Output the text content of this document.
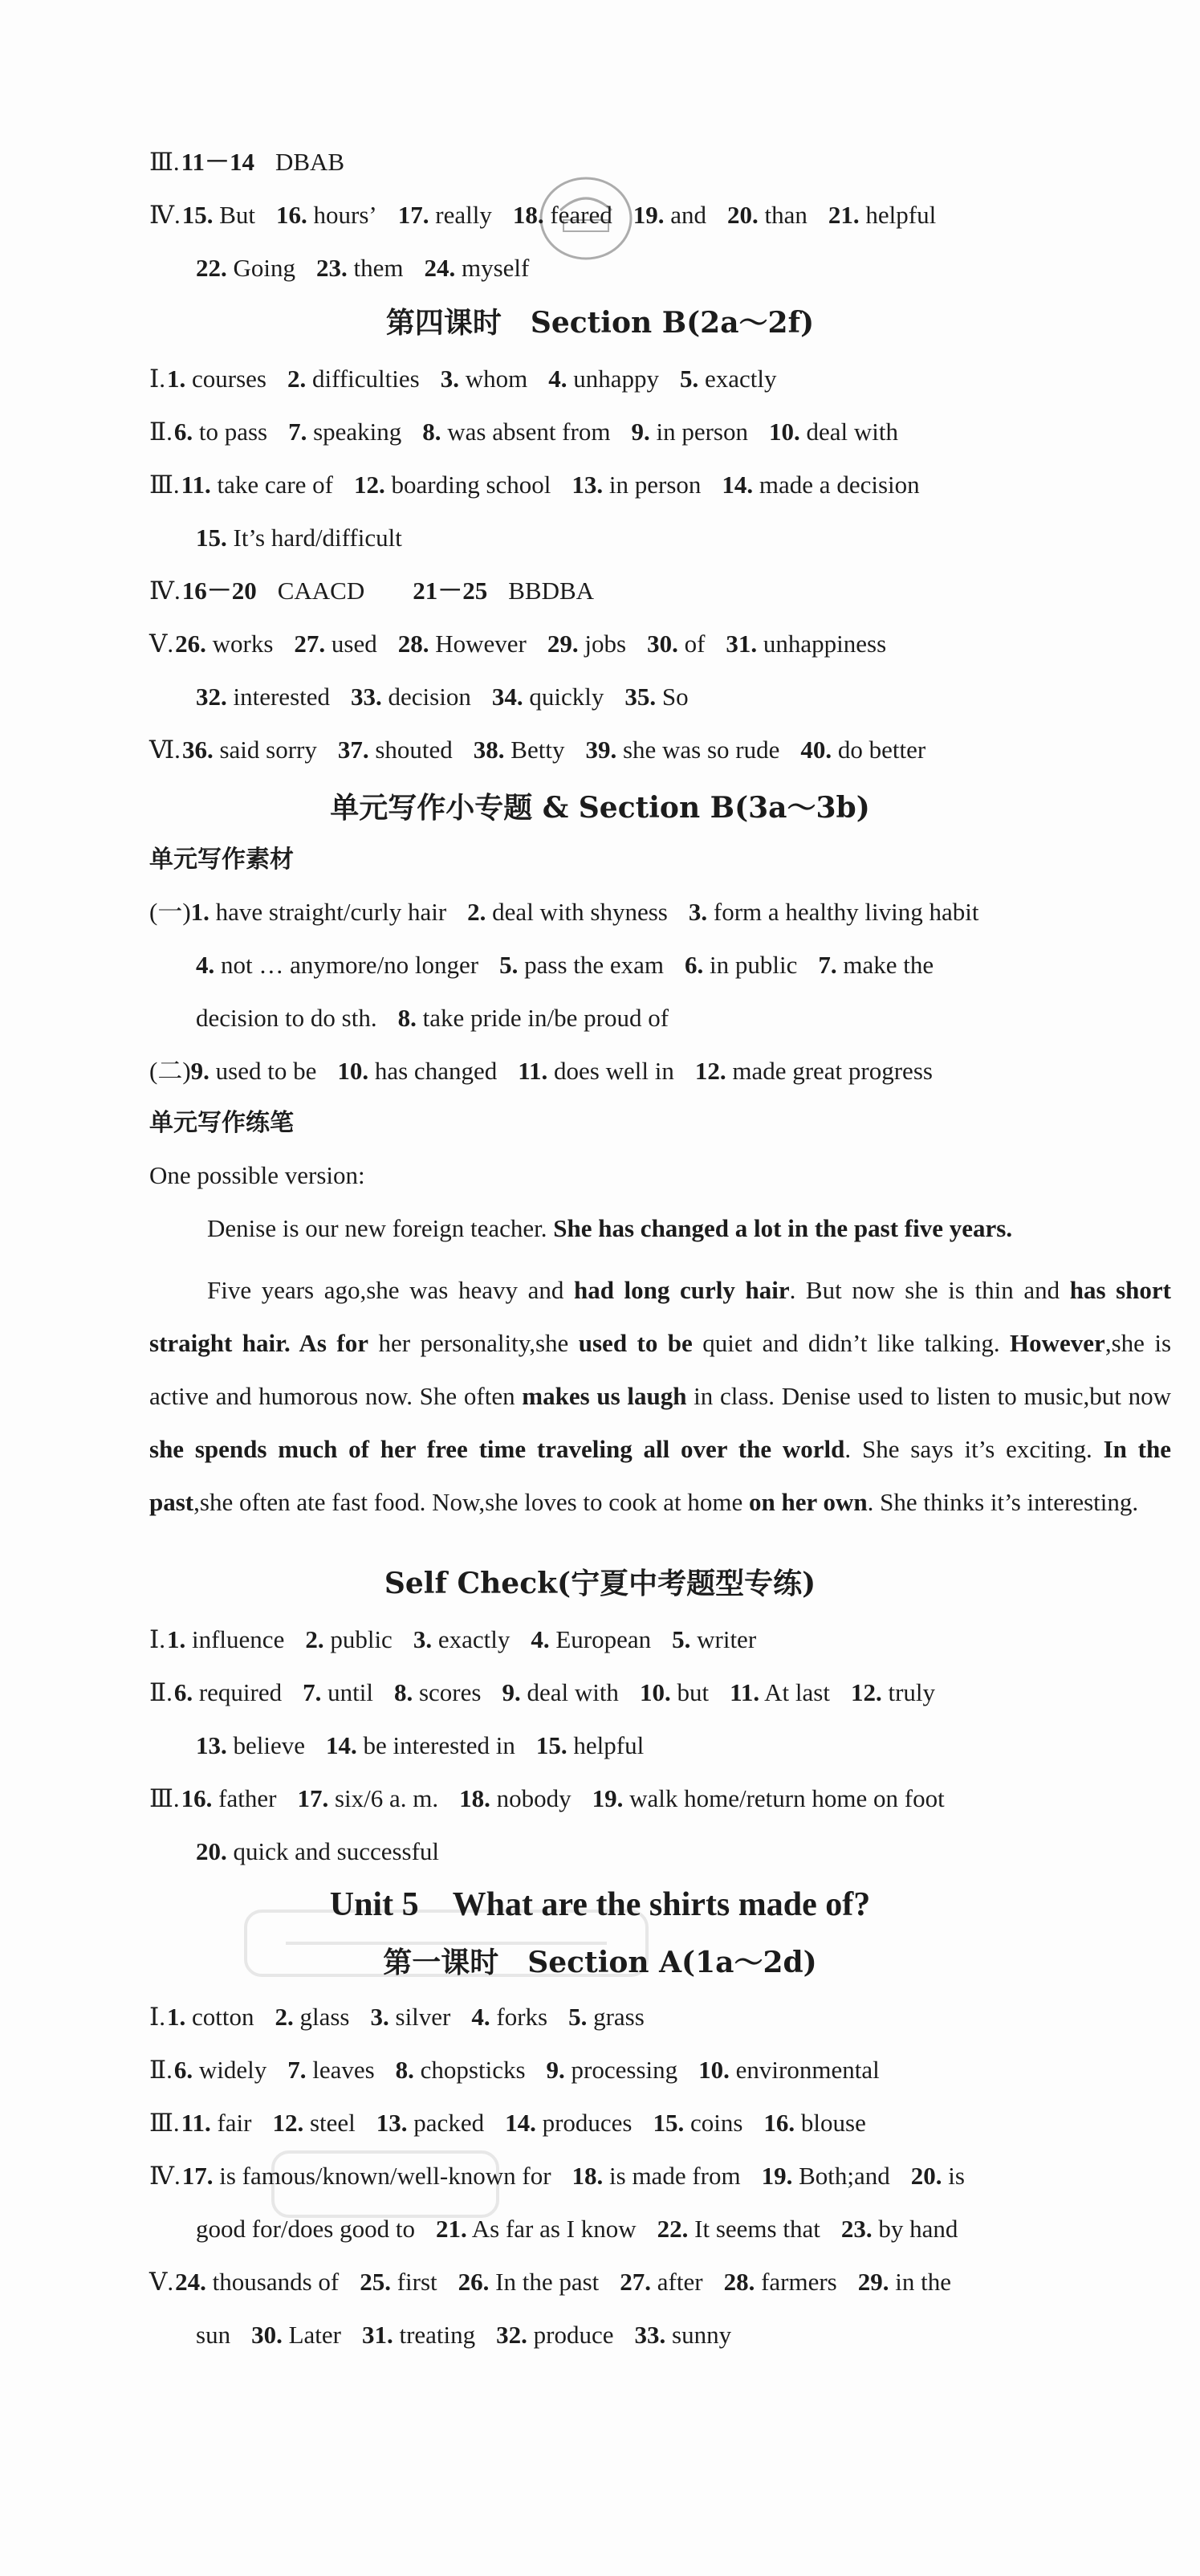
Ⅲ.11－14 DBAB
Ⅳ.15. But 16. hours’ 17. really 18. feared 19. and 20. than 21. helpful
22. Going 23. them 24. myself
第四课时　Section B(2a～2f)
Ⅰ.1. courses 2. difficulties 3. whom 4. unhappy 5. exactly
Ⅱ.6. to pass 7. speaking 8. was absent from 9. in person 10. deal with
Ⅲ.11. take care of 12. boarding school 13. in person 14. made a decision
15. It’s hard/difficult
Ⅳ.16－20 CAACD 21－25 BBDBA
Ⅴ.26. works 27. used 28. However 29. jobs 30. of 31. unhappiness
32. interested 33. decision 34. quickly 35. So
Ⅵ.36. said sorry 37. shouted 38. Betty 39. she was so rude 40. do better
单元写作小专题 & Section B(3a～3b)
单元写作素材
(一)1. have straight/curly hair 2. deal with shyness 3. form a healthy living habit
4. not … anymore/no longer 5. pass the exam 6. in public 7. make the
decision to do sth. 8. take pride in/be proud of
(二)9. used to be 10. has changed 11. does well in 12. made great progress
单元写作练笔
One possible version:
Denise is our new foreign teacher. She has changed a lot in the past five years.
Five years ago,she was heavy and had long curly hair. But now she is thin and has short straight hair. As for her personality,she used to be quiet and didn’t like talking. However,she is active and humorous now. She often makes us laugh in class. Denise used to listen to music,but now she spends much of her free time traveling all over the world. She says it’s exciting. In the past,she often ate fast food. Now,she loves to cook at home on her own. She thinks it’s interesting.
Self Check(宁夏中考题型专练)
Ⅰ.1. influence 2. public 3. exactly 4. European 5. writer
Ⅱ.6. required 7. until 8. scores 9. deal with 10. but 11. At last 12. truly
13. believe 14. be interested in 15. helpful
Ⅲ.16. father 17. six/6 a. m. 18. nobody 19. walk home/return home on foot
20. quick and successful
Unit 5　What are the shirts made of?
第一课时　Section A(1a～2d)
Ⅰ.1. cotton 2. glass 3. silver 4. forks 5. grass
Ⅱ.6. widely 7. leaves 8. chopsticks 9. processing 10. environmental
Ⅲ.11. fair 12. steel 13. packed 14. produces 15. coins 16. blouse
Ⅳ.17. is famous/known/well-known for 18. is made from 19. Both;and 20. is
good for/does good to 21. As far as I know 22. It seems that 23. by hand
Ⅴ.24. thousands of 25. first 26. In the past 27. after 28. farmers 29. in the
sun 30. Later 31. treating 32. produce 33. sunny
